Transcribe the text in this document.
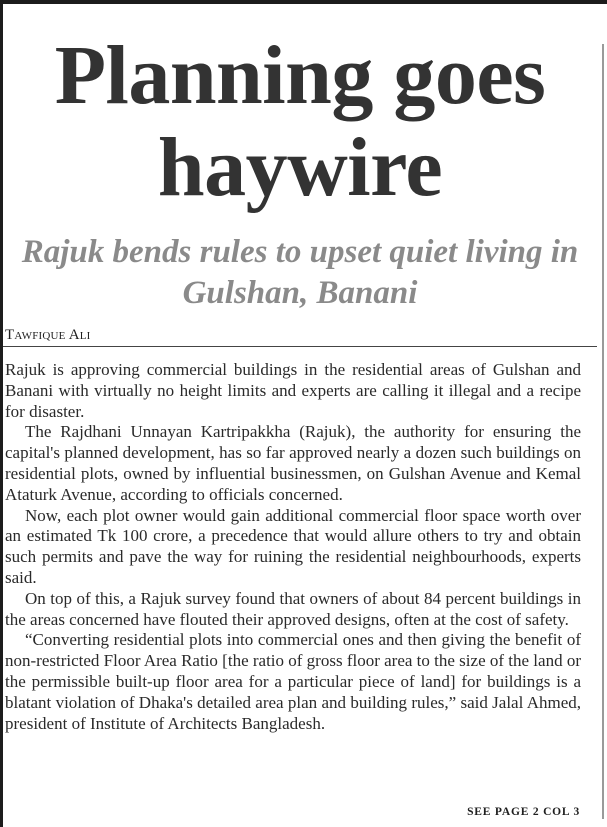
Planning goes haywire
Rajuk bends rules to upset quiet living in Gulshan, Banani
Tawfique Ali

Rajuk is approving commercial buildings in the residential areas of Gulshan and Banani with virtually no height limits and experts are calling it illegal and a recipe for disaster.

The Rajdhani Unnayan Kartripakkha (Rajuk), the authority for ensuring the capital's planned development, has so far approved nearly a dozen such buildings on residential plots, owned by influential businessmen, on Gulshan Avenue and Kemal Ataturk Avenue, according to officials concerned.

Now, each plot owner would gain additional commercial floor space worth over an estimated Tk 100 crore, a precedence that would allure others to try and obtain such permits and pave the way for ruining the residential neighbourhoods, experts said.

On top of this, a Rajuk survey found that owners of about 84 percent buildings in the areas concerned have flouted their approved designs, often at the cost of safety.

“Converting residential plots into commercial ones and then giving the benefit of non-restricted Floor Area Ratio [the ratio of gross floor area to the size of the land or the permissible built-up floor area for a particular piece of land] for buildings is a blatant violation of Dhaka's detailed area plan and building rules,” said Jalal Ahmed, president of Institute of Architects Bangladesh.

SEE PAGE 2 COL 3
